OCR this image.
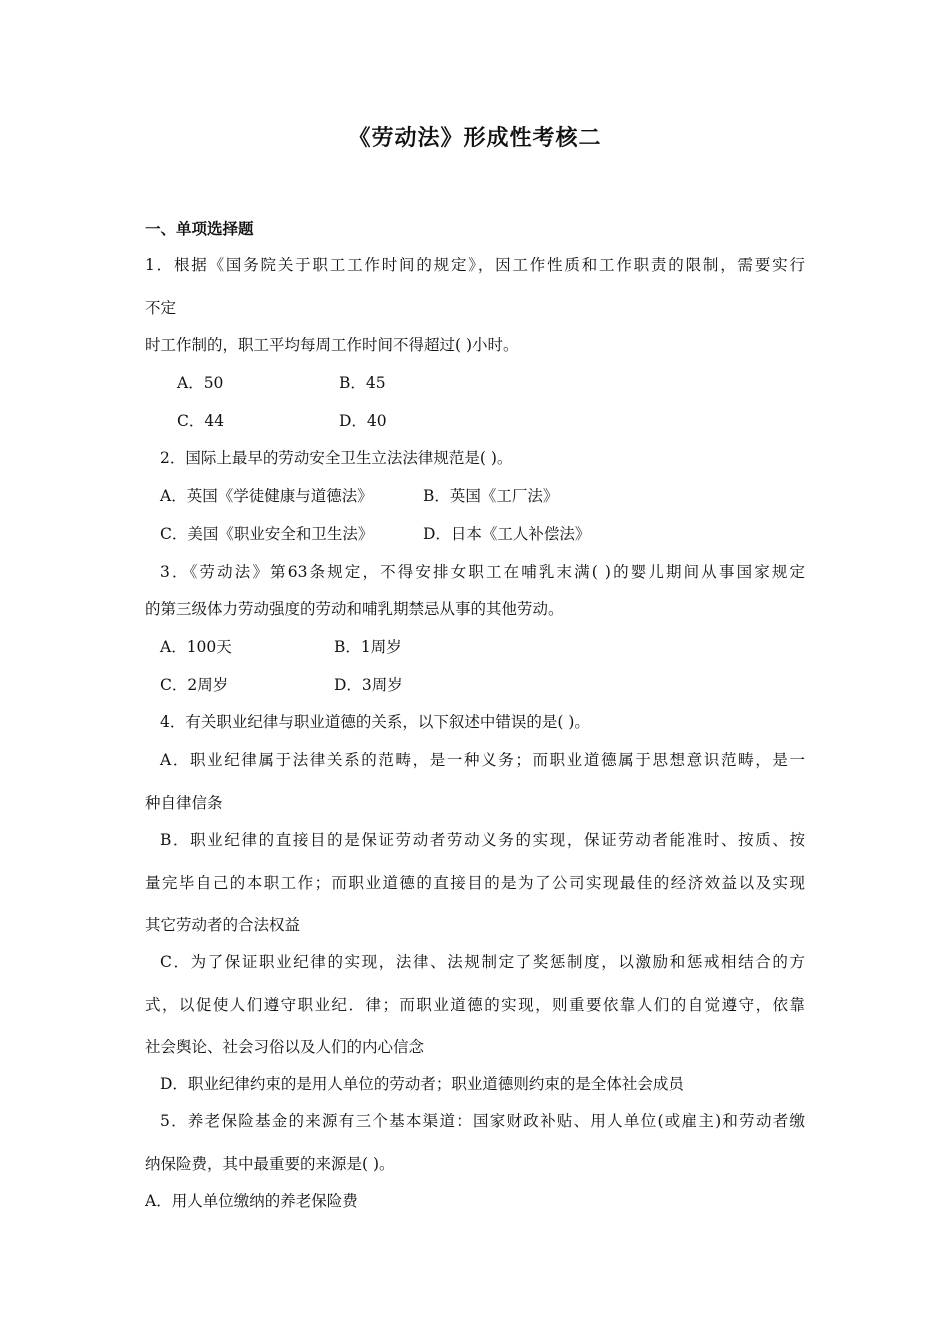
《劳动法》形成性考核二
一、单项选择题
1．根据《国务院关于职工工作时间的规定》，因工作性质和工作职责的限制，需要实行
不定
时工作制的，职工平均每周工作时间不得超过( )小时。
A．50	B．45
C．44	D．40
2．国际上最早的劳动安全卫生立法法律规范是( )。
A．英国《学徒健康与道德法》	B．英国《工厂法》
C．美国《职业安全和卫生法》	D．日本《工人补偿法》
3．《劳动法》第63条规定，不得安排女职工在哺乳末满( )的婴儿期间从事国家规定
的第三级体力劳动强度的劳动和哺乳期禁忌从事的其他劳动。
A．100天	B．1周岁
C．2周岁	D．3周岁
4．有关职业纪律与职业道德的关系，以下叙述中错误的是( )。
A．职业纪律属于法律关系的范畴，是一种义务；而职业道德属于思想意识范畴，是一
种自律信条
B．职业纪律的直接目的是保证劳动者劳动义务的实现，保证劳动者能准时、按质、按
量完毕自己的本职工作；而职业道德的直接目的是为了公司实现最佳的经济效益以及实现
其它劳动者的合法权益
C．为了保证职业纪律的实现，法律、法规制定了奖惩制度，以激励和惩戒相结合的方
式，以促使人们遵守职业纪．律；而职业道德的实现，则重要依靠人们的自觉遵守，依靠
社会舆论、社会习俗以及人们的内心信念
D．职业纪律约束的是用人单位的劳动者；职业道德则约束的是全体社会成员
5．养老保险基金的来源有三个基本渠道：国家财政补贴、用人单位(或雇主)和劳动者缴
纳保险费，其中最重要的来源是( )。
A．用人单位缴纳的养老保险费
